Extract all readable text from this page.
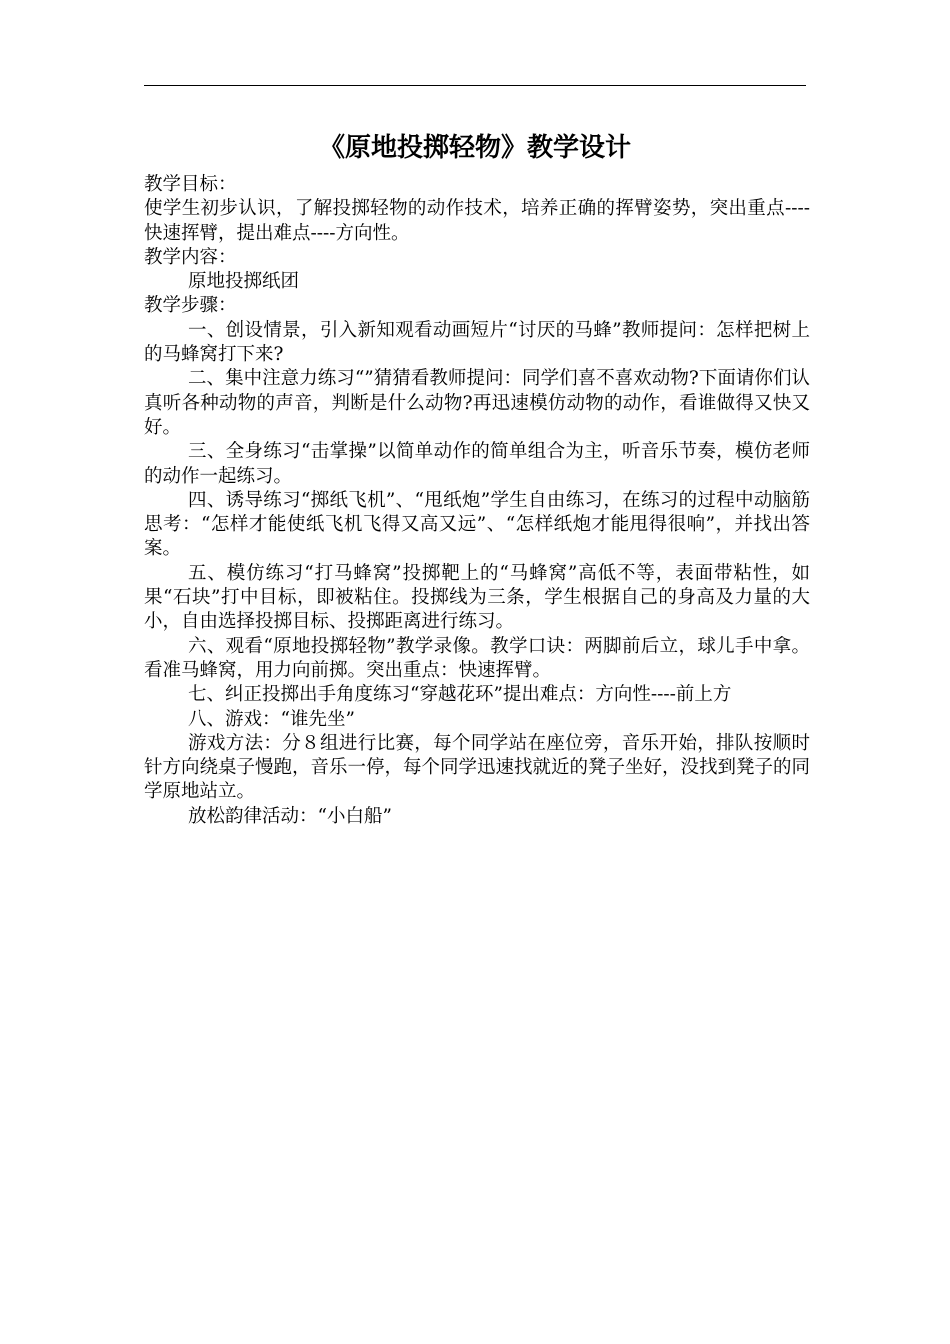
《原地投掷轻物》教学设计

教学目标：

使学生初步认识，了解投掷轻物的动作技术，培养正确的挥臂姿势，突出重点----快速挥臂，提出难点----方向性。

教学内容：

原地投掷纸团

教学步骤：

一、创设情景，引入新知观看动画短片“讨厌的马蜂”教师提问：怎样把树上的马蜂窝打下来?

二、集中注意力练习“”猜猜看教师提问：同学们喜不喜欢动物?下面请你们认真听各种动物的声音，判断是什么动物?再迅速模仿动物的动作，看谁做得又快又好。

三、全身练习“击掌操”以简单动作的简单组合为主，听音乐节奏，模仿老师的动作一起练习。

四、诱导练习“掷纸飞机”、“甩纸炮”学生自由练习，在练习的过程中动脑筋思考：“怎样才能使纸飞机飞得又高又远”、“怎样纸炮才能甩得很响”，并找出答案。

五、模仿练习“打马蜂窝”投掷靶上的“马蜂窝”高低不等，表面带粘性，如果“石块”打中目标，即被粘住。投掷线为三条，学生根据自己的身高及力量的大小，自由选择投掷目标、投掷距离进行练习。

六、观看“原地投掷轻物”教学录像。教学口诀：两脚前后立，球儿手中拿。看准马蜂窝，用力向前掷。突出重点：快速挥臂。

七、纠正投掷出手角度练习“穿越花环”提出难点：方向性----前上方

八、游戏：“谁先坐”

游戏方法：分８组进行比赛，每个同学站在座位旁，音乐开始，排队按顺时针方向绕桌子慢跑，音乐一停，每个同学迅速找就近的凳子坐好，没找到凳子的同学原地站立。

放松韵律活动：“小白船”
